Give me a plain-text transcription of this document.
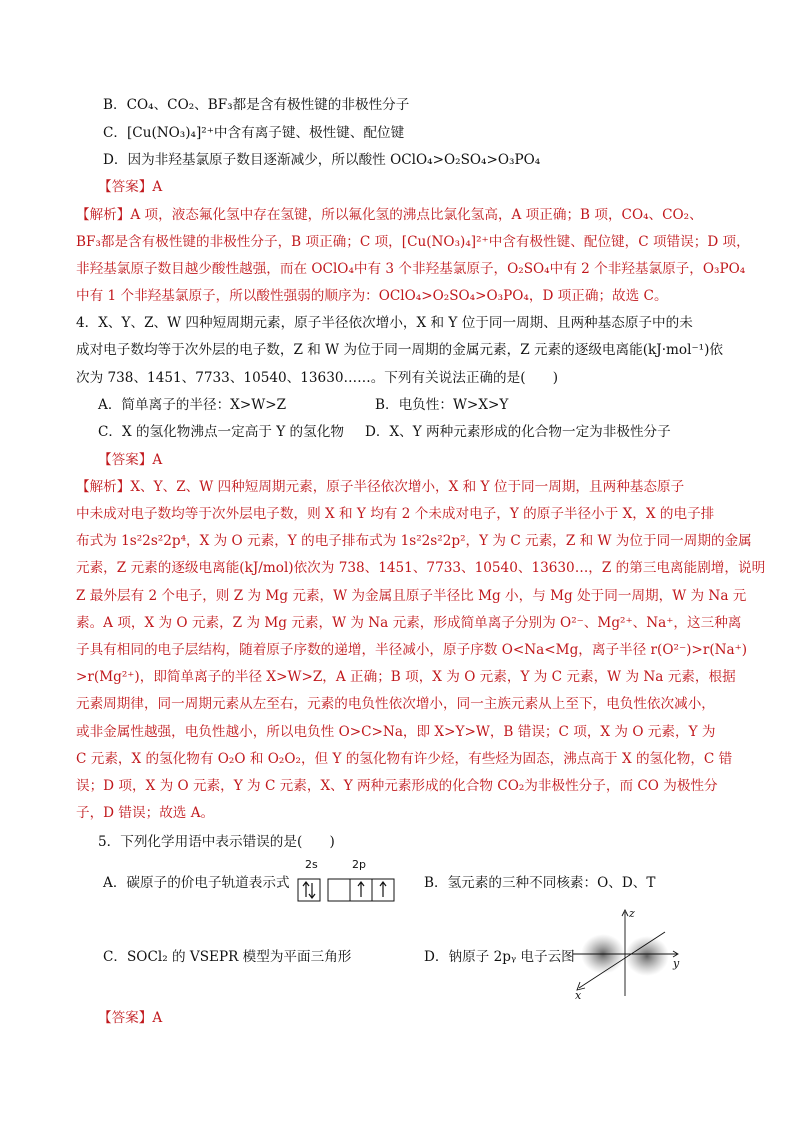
B．CO₄、CO₂、BF₃都是含有极性键的非极性分子
C．[Cu(NO₃)₄]²⁺中含有离子键、极性键、配位键
D．因为非羟基氯原子数目逐渐减少，所以酸性 OClO₄>O₂SO₄>O₃PO₄
【答案】A
【解析】A 项，液态氟化氢中存在氢键，所以氟化氢的沸点比氯化氢高，A 项正确；B 项，CO₄、CO₂、
BF₃都是含有极性键的非极性分子，B 项正确；C 项，[Cu(NO₃)₄]²⁺中含有极性键、配位键，C 项错误；D 项，
非羟基氯原子数目越少酸性越强，而在 OClO₄中有 3 个非羟基氯原子，O₂SO₄中有 2 个非羟基氯原子，O₃PO₄
中有 1 个非羟基氯原子，所以酸性强弱的顺序为：OClO₄>O₂SO₄>O₃PO₄，D 项正确；故选 C。
4．X、Y、Z、W 四种短周期元素，原子半径依次增小，X 和 Y 位于同一周期、且两种基态原子中的未
成对电子数均等于次外层的电子数，Z 和 W 为位于同一周期的金属元素，Z 元素的逐级电离能(kJ·mol⁻¹)依
次为 738、1451、7733、10540、13630……。下列有关说法正确的是(　　)
A．简单离子的半径：X>W>Z	B．电负性：W>X>Y
C．X 的氢化物沸点一定高于 Y 的氢化物 D．X、Y 两种元素形成的化合物一定为非极性分子
【答案】A
【解析】X、Y、Z、W 四种短周期元素，原子半径依次增小，X 和 Y 位于同一周期，且两种基态原子
中未成对电子数均等于次外层电子数，则 X 和 Y 均有 2 个未成对电子，Y 的原子半径小于 X，X 的电子排
布式为 1s²2s²2p⁴，X 为 O 元素，Y 的电子排布式为 1s²2s²2p²，Y 为 C 元素，Z 和 W 为位于同一周期的金属
元素，Z 元素的逐级电离能(kJ/mol)依次为 738、1451、7733、10540、13630…，Z 的第三电离能剧增，说明
Z 最外层有 2 个电子，则 Z 为 Mg 元素，W 为金属且原子半径比 Mg 小，与 Mg 处于同一周期，W 为 Na 元
素。A 项，X 为 O 元素，Z 为 Mg 元素，W 为 Na 元素，形成简单离子分别为 O²⁻、Mg²⁺、Na⁺，这三种离
子具有相同的电子层结构，随着原子序数的递增，半径减小，原子序数 O<Na<Mg，离子半径 r(O²⁻)>r(Na⁺)
>r(Mg²⁺)，即简单离子的半径 X>W>Z，A 正确；B 项，X 为 O 元素，Y 为 C 元素，W 为 Na 元素，根据
元素周期律，同一周期元素从左至右，元素的电负性依次增小，同一主族元素从上至下，电负性依次减小，
或非金属性越强，电负性越小，所以电负性 O>C>Na，即 X>Y>W，B 错误；C 项，X 为 O 元素，Y 为
C 元素，X 的氢化物有 O₂O 和 O₂O₂，但 Y 的氢化物有许少烃，有些烃为固态，沸点高于 X 的氢化物，C 错
误；D 项，X 为 O 元素，Y 为 C 元素，X、Y 两种元素形成的化合物 CO₂为非极性分子，而 CO 为极性分
子，D 错误；故选 A。
5．下列化学用语中表示错误的是(　　)
A．碳原子的价电子轨道表示式
2s	2p
B．氢元素的三种不同核素：O、D、T
C．SOCl₂ 的 VSEPR 模型为平面三角形	D．钠原子 2pᵧ 电子云图
z
y
x
【答案】A
